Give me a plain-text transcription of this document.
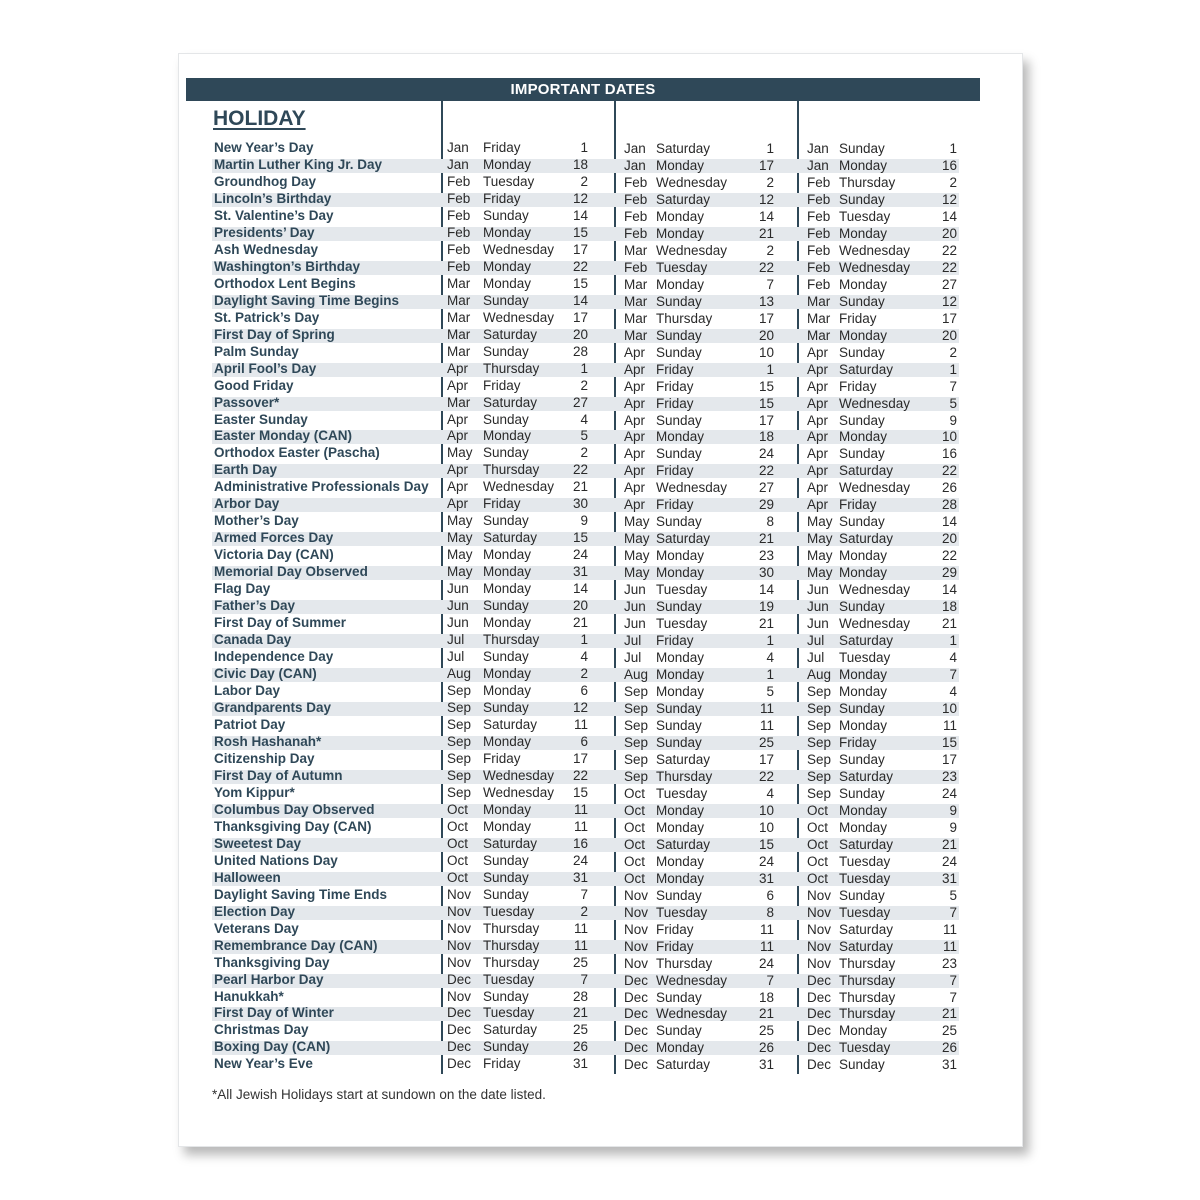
IMPORTANT DATES
HOLIDAY
New Year’s Day	Jan Friday	1	Jan Saturday	1 Jan Sunday	1
Martin Luther King Jr. Day	Jan Monday	18	Jan Monday	17 Jan Monday	16
Groundhog Day	Feb Tuesday	2	Feb Wednesday	2 Feb Thursday	2
Lincoln’s Birthday	Feb Friday	12	Feb Saturday	12 Feb Sunday	12
St. Valentine’s Day	Feb Sunday	14	Feb Monday	14 Feb Tuesday	14
Presidents’ Day	Feb Monday	15	Feb Monday	21 Feb Monday	20
Ash Wednesday	Feb Wednesday	17	Mar Wednesday	2 Feb Wednesday	22
Washington’s Birthday	Feb Monday	22	Feb Tuesday	22 Feb Wednesday	22
Orthodox Lent Begins	Mar Monday	15	Mar Monday	7 Feb Monday	27
Daylight Saving Time Begins	Mar Sunday	14	Mar Sunday	13 Mar Sunday	12
St. Patrick’s Day	Mar Wednesday	17	Mar Thursday	17 Mar Friday	17
First Day of Spring	Mar Saturday	20	Mar Sunday	20 Mar Monday	20
Palm Sunday	Mar Sunday	28	Apr Sunday	10 Apr Sunday	2
April Fool’s Day	Apr Thursday	1	Apr Friday	1 Apr Saturday	1
Good Friday	Apr Friday	2	Apr Friday	15 Apr Friday	7
Passover*	Mar Saturday	27	Apr Friday	15 Apr Wednesday	5
Easter Sunday	Apr Sunday	4	Apr Sunday	17 Apr Sunday	9
Easter Monday (CAN)	Apr Monday	5	Apr Monday	18 Apr Monday	10
Orthodox Easter (Pascha)	May Sunday	2	Apr Sunday	24 Apr Sunday	16
Earth Day	Apr Thursday	22	Apr Friday	22 Apr Saturday	22
Administrative Professionals Day Apr Wednesday	21	Apr Wednesday	27 Apr Wednesday	26
Arbor Day	Apr Friday	30	Apr Friday	29 Apr Friday	28
Mother’s Day	May Sunday	9	May Sunday	8 May Sunday	14
Armed Forces Day	May Saturday	15	May Saturday	21 May Saturday	20
Victoria Day (CAN)	May Monday	24	May Monday	23 May Monday	22
Memorial Day Observed	May Monday	31	May Monday	30 May Monday	29
Flag Day	Jun Monday	14	Jun Tuesday	14 Jun Wednesday	14
Father’s Day	Jun Sunday	20	Jun Sunday	19 Jun Sunday	18
First Day of Summer	Jun Monday	21	Jun Tuesday	21 Jun Wednesday	21
Canada Day	Jul Thursday	1	Jul Friday	1 Jul Saturday	1
Independence Day	Jul Sunday	4	Jul Monday	4 Jul Tuesday	4
Civic Day (CAN)	Aug Monday	2	Aug Monday	1 Aug Monday	7
Labor Day	Sep Monday	6	Sep Monday	5 Sep Monday	4
Grandparents Day	Sep Sunday	12	Sep Sunday	11 Sep Sunday	10
Patriot Day	Sep Saturday	11	Sep Sunday	11 Sep Monday	11
Rosh Hashanah*	Sep Monday	6	Sep Sunday	25 Sep Friday	15
Citizenship Day	Sep Friday	17	Sep Saturday	17 Sep Sunday	17
First Day of Autumn	Sep Wednesday	22	Sep Thursday	22 Sep Saturday	23
Yom Kippur*	Sep Wednesday	15	Oct Tuesday	4 Sep Sunday	24
Columbus Day Observed	Oct Monday	11	Oct Monday	10 Oct Monday	9
Thanksgiving Day (CAN)	Oct Monday	11	Oct Monday	10 Oct Monday	9
Sweetest Day	Oct Saturday	16	Oct Saturday	15 Oct Saturday	21
United Nations Day	Oct Sunday	24	Oct Monday	24 Oct Tuesday	24
Halloween	Oct Sunday	31	Oct Monday	31 Oct Tuesday	31
Daylight Saving Time Ends	Nov Sunday	7	Nov Sunday	6 Nov Sunday	5
Election Day	Nov Tuesday	2	Nov Tuesday	8 Nov Tuesday	7
Veterans Day	Nov Thursday	11	Nov Friday	11 Nov Saturday	11
Remembrance Day (CAN)	Nov Thursday	11	Nov Friday	11 Nov Saturday	11
Thanksgiving Day	Nov Thursday	25	Nov Thursday	24 Nov Thursday	23
Pearl Harbor Day	Dec Tuesday	7	Dec Wednesday	7 Dec Thursday	7
Hanukkah*	Nov Sunday	28	Dec Sunday	18 Dec Thursday	7
First Day of Winter	Dec Tuesday	21	Dec Wednesday	21 Dec Thursday	21
Christmas Day	Dec Saturday	25	Dec Sunday	25 Dec Monday	25
Boxing Day (CAN)	Dec Sunday	26	Dec Monday	26 Dec Tuesday	26
New Year’s Eve	Dec Friday	31	Dec Saturday	31 Dec Sunday	31
*All Jewish Holidays start at sundown on the date listed.
